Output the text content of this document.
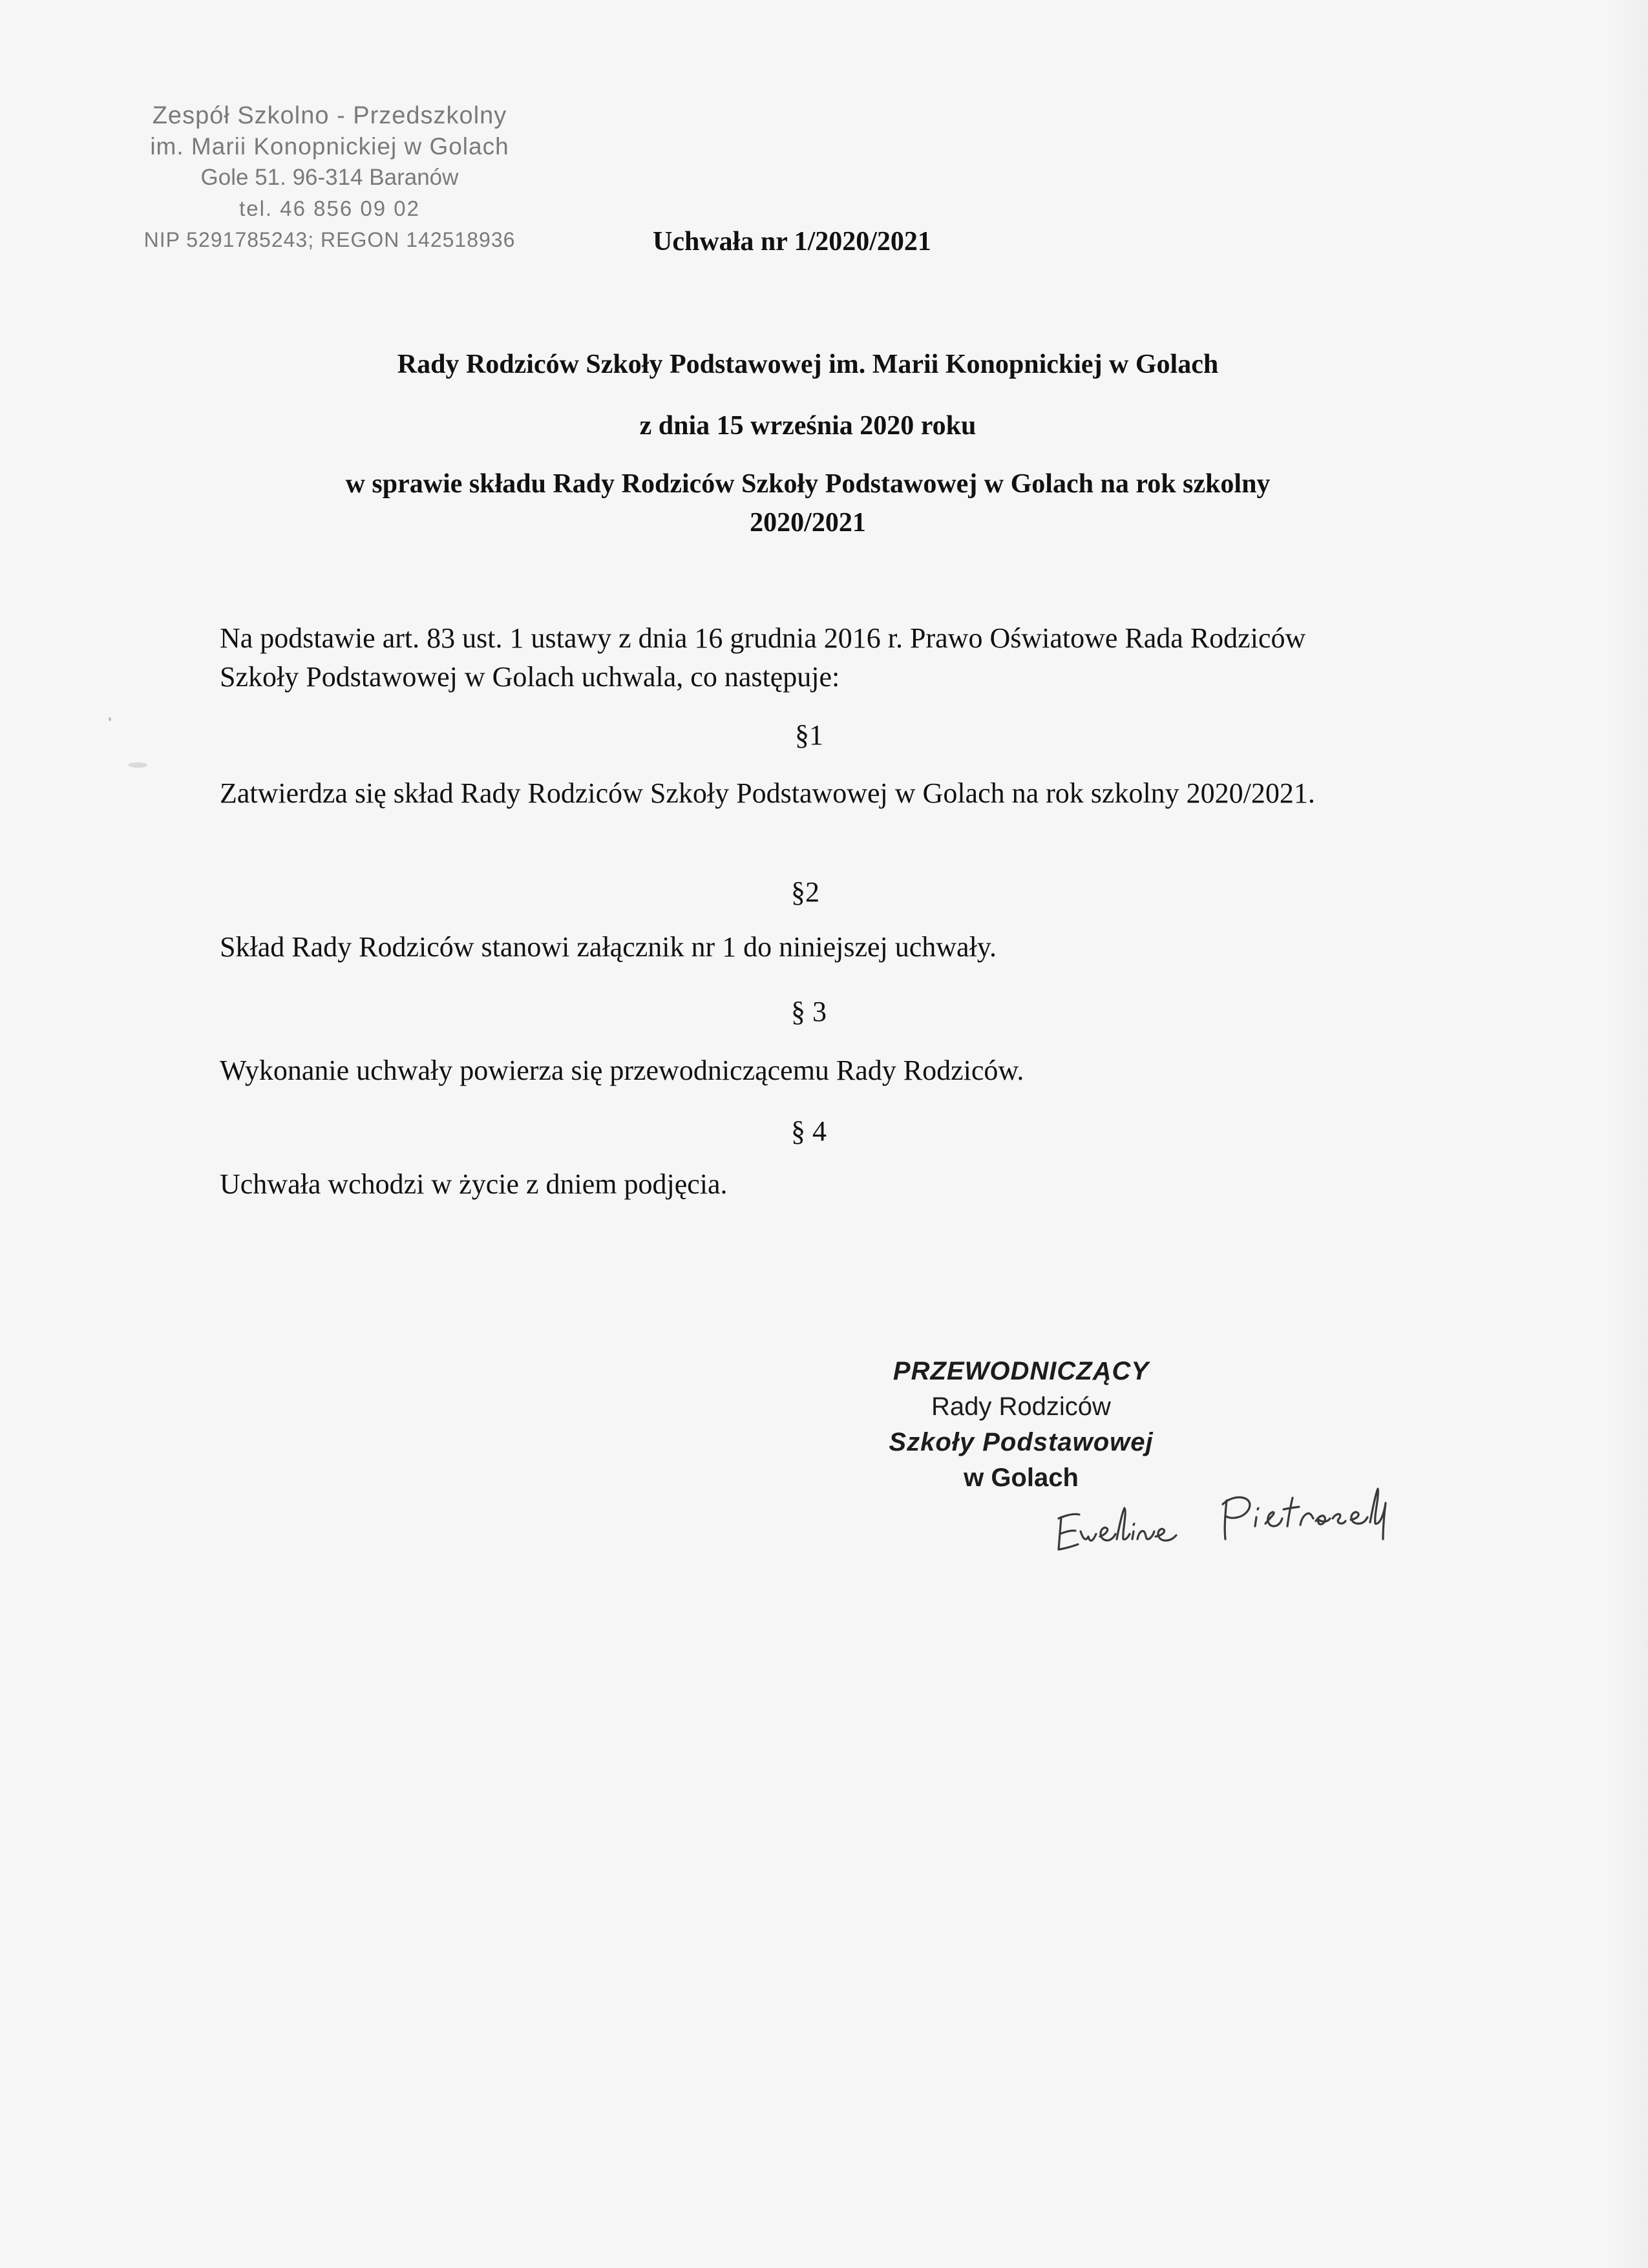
Zespół Szkolno - Przedszkolny
im. Marii Konopnickiej w Golach
Gole 51. 96-314 Baranów
tel. 46 856 09 02
NIP 5291785243; REGON 142518936	Uchwała nr 1/2020/2021
Rady Rodziców Szkoły Podstawowej im. Marii Konopnickiej w Golach
z dnia 15 września 2020 roku
w sprawie składu Rady Rodziców Szkoły Podstawowej w Golach na rok szkolny
2020/2021
Na podstawie art. 83 ust. 1 ustawy z dnia 16 grudnia 2016 r. Prawo Oświatowe Rada Rodziców Szkoły Podstawowej w Golach uchwala, co następuje:
§1
Zatwierdza się skład Rady Rodziców Szkoły Podstawowej w Golach na rok szkolny 2020/2021.
§2
Skład Rady Rodziców stanowi załącznik nr 1 do niniejszej uchwały.
§ 3
Wykonanie uchwały powierza się przewodniczącemu Rady Rodziców.
§ 4
Uchwała wchodzi w życie z dniem podjęcia.
PRZEWODNICZĄCY
Rady Rodziców
Szkoły Podstawowej
w Golach
